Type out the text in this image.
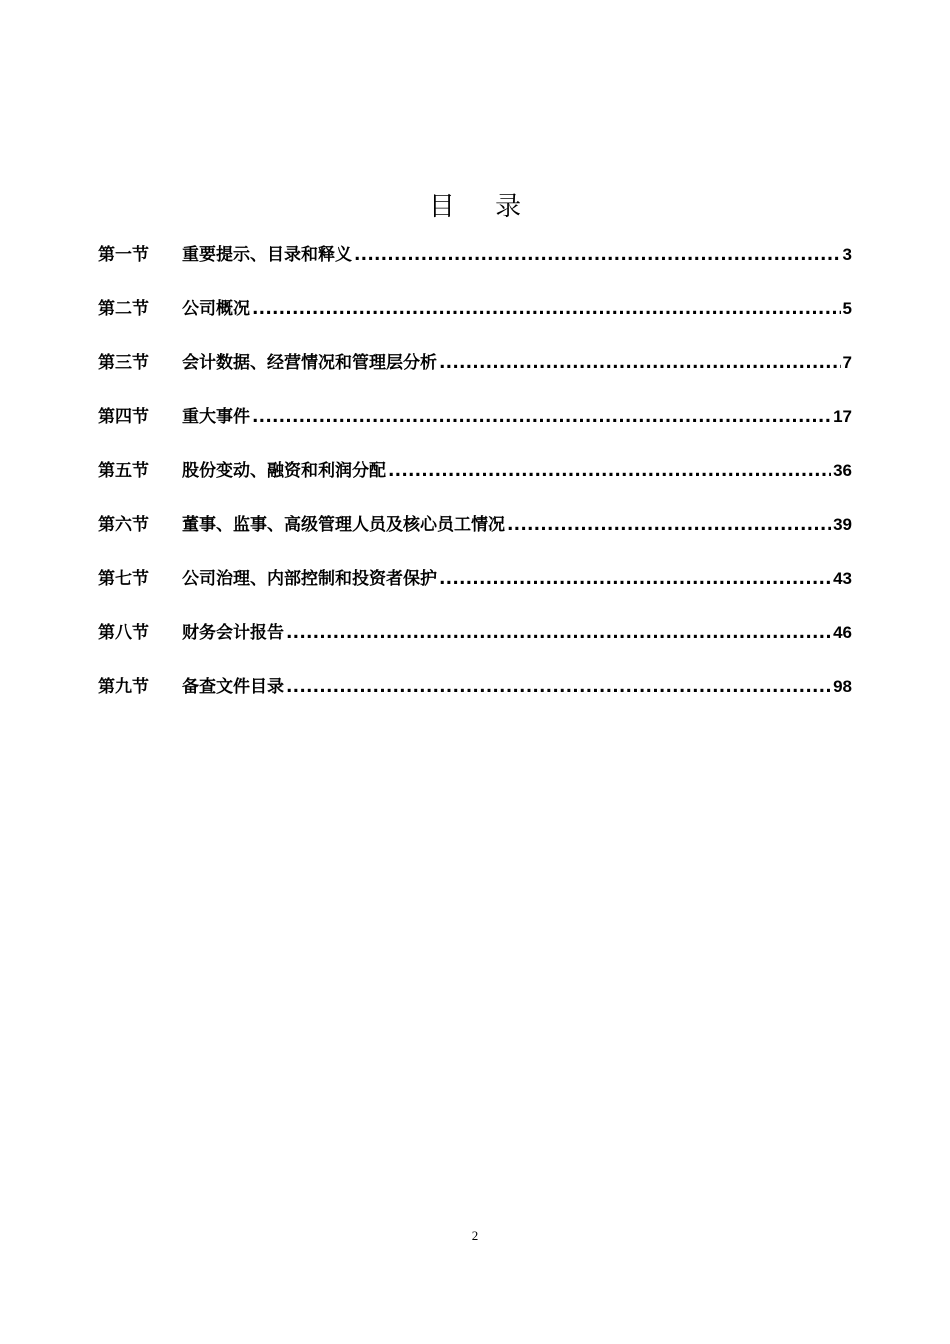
目 录
第一节	重要提示、目录和释义 .....	3
第二节	公司概况 .....	5
第三节	会计数据、经营情况和管理层分析 .....	7
第四节	重大事件 .....	17
第五节	股份变动、融资和利润分配 .....	36
第六节	董事、监事、高级管理人员及核心员工情况 .....	39
第七节	公司治理、内部控制和投资者保护 .....	43
第八节	财务会计报告 .....	46
第九节	备查文件目录 .....	98
2
